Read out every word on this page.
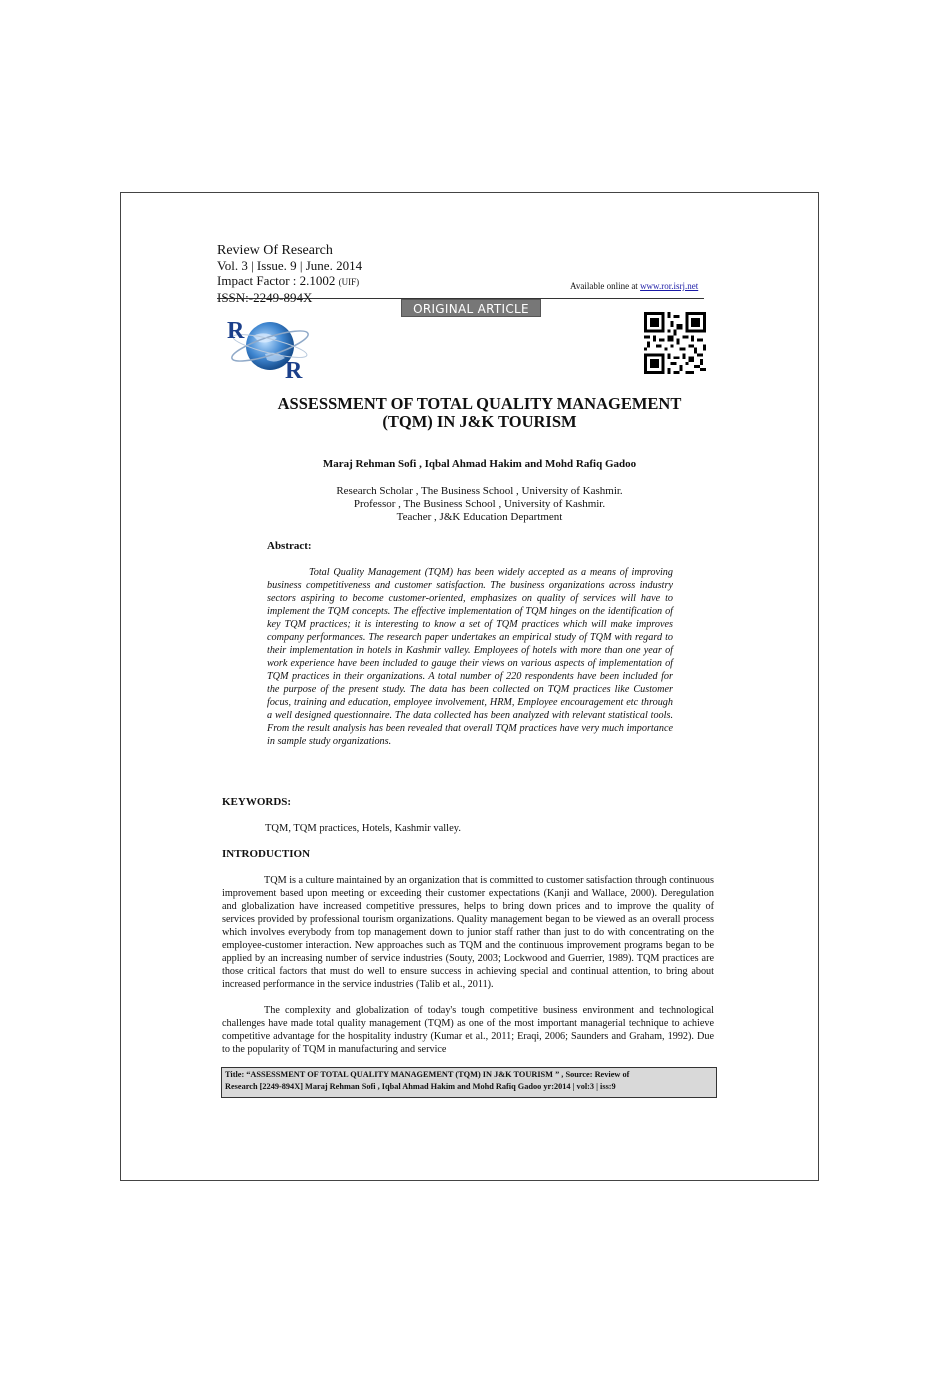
Review Of Research
Vol. 3 | Issue. 9 | June. 2014
Impact Factor : 2.1002 (UIF)
ISSN:-2249-894X
Available online at www.ror.isrj.net
ORIGINAL ARTICLE
R
R
ASSESSMENT OF TOTAL QUALITY MANAGEMENT
(TQM) IN J&K TOURISM
Maraj Rehman Sofi , Iqbal Ahmad Hakim and Mohd Rafiq Gadoo
Research Scholar , The Business School , University of Kashmir.
Professor , The Business School , University of Kashmir.
Teacher , J&K Education Department
Abstract:
Total Quality Management (TQM) has been widely accepted as a means of improving business competitiveness and customer satisfaction. The business organizations across industry sectors aspiring to become customer-oriented, emphasizes on quality of services will have to implement the TQM concepts. The effective implementation of TQM hinges on the identification of key TQM practices; it is interesting to know a set of TQM practices which will make improves company performances. The research paper undertakes an empirical study of TQM with regard to their implementation in hotels in Kashmir valley. Employees of hotels with more than one year of work experience have been included to gauge their views on various aspects of implementation of TQM practices in their organizations. A total number of 220 respondents have been included for the purpose of the present study. The data has been collected on TQM practices like Customer focus, training and education, employee involvement, HRM, Employee encouragement etc through a well designed questionnaire. The data collected has been analyzed with relevant statistical tools. From the result analysis has been revealed that overall TQM practices have very much importance in sample study organizations.
KEYWORDS:
TQM, TQM practices, Hotels, Kashmir valley.
INTRODUCTION
TQM is a culture maintained by an organization that is committed to customer satisfaction through continuous improvement based upon meeting or exceeding their customer expectations (Kanji and Wallace, 2000). Deregulation and globalization have increased competitive pressures, helps to bring down prices and to improve the quality of services provided by professional tourism organizations. Quality management began to be viewed as an overall process which involves everybody from top management down to junior staff rather than just to do with concentrating on the employee-customer interaction. New approaches such as TQM and the continuous improvement programs began to be applied by an increasing number of service industries (Souty, 2003; Lockwood and Guerrier, 1989). TQM practices are those critical factors that must do well to ensure success in achieving special and continual attention, to bring about increased performance in the service industries (Talib et al., 2011).
The complexity and globalization of today's tough competitive business environment and technological challenges have made total quality management (TQM) as one of the most important managerial technique to achieve competitive advantage for the hospitality industry (Kumar et al., 2011; Eraqi, 2006; Saunders and Graham, 1992). Due to the popularity of TQM in manufacturing and service
Title: “ASSESSMENT OF TOTAL QUALITY MANAGEMENT (TQM) IN J&K TOURISM ” , Source: Review of
Research [2249-894X] Maraj Rehman Sofi , Iqbal Ahmad Hakim and Mohd Rafiq Gadoo yr:2014 | vol:3 | iss:9
